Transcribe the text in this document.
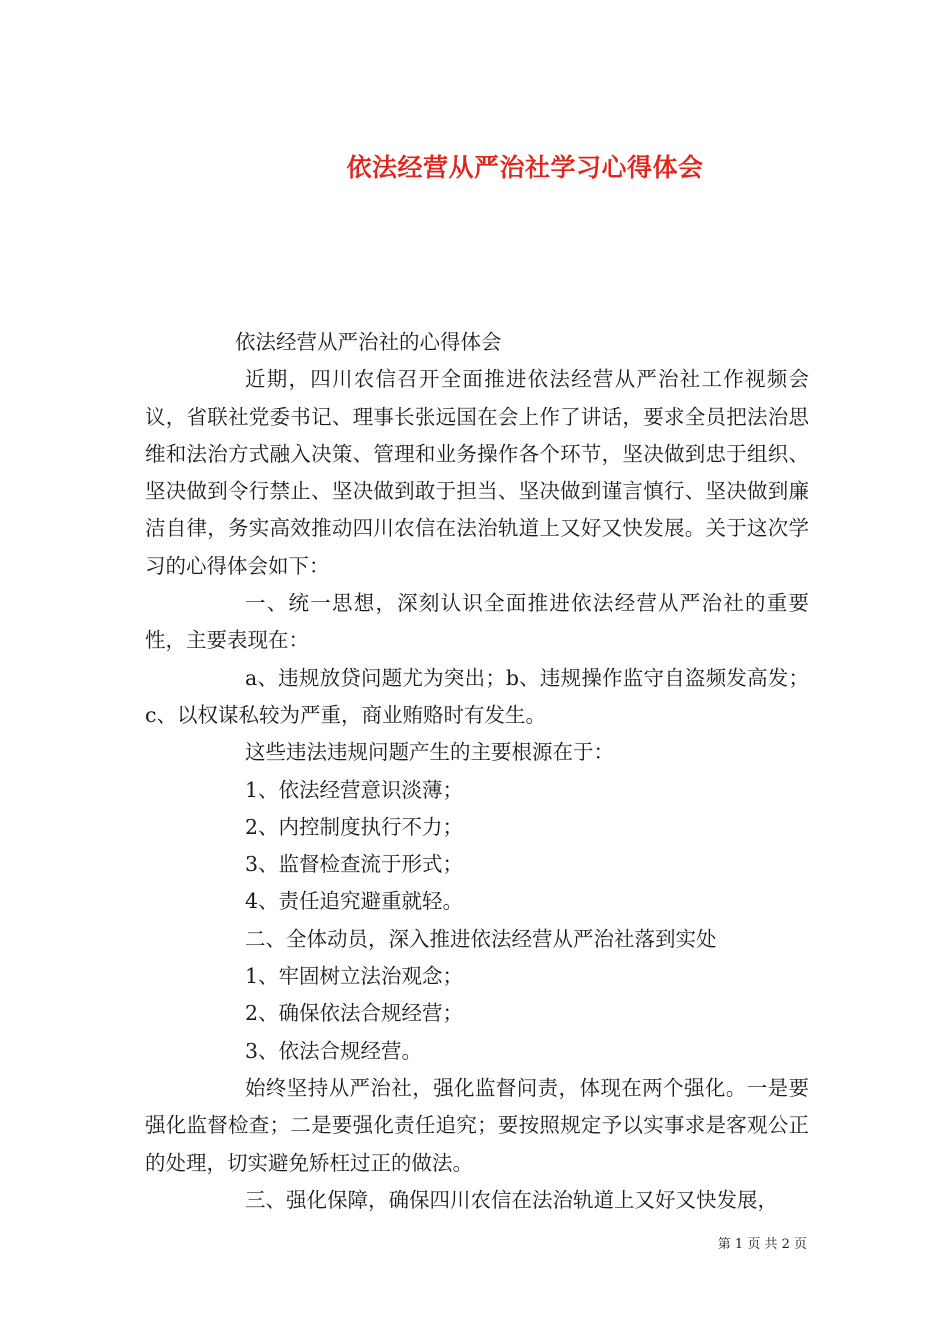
依法经营从严治社学习心得体会

依法经营从严治社的心得体会

近期，四川农信召开全面推进依法经营从严治社工作视频会议，省联社党委书记、理事长张远国在会上作了讲话，要求全员把法治思维和法治方式融入决策、管理和业务操作各个环节，坚决做到忠于组织、坚决做到令行禁止、坚决做到敢于担当、坚决做到谨言慎行、坚决做到廉洁自律，务实高效推动四川农信在法治轨道上又好又快发展。关于这次学习的心得体会如下：

一、统一思想，深刻认识全面推进依法经营从严治社的重要性，主要表现在：

a、违规放贷问题尤为突出；b、违规操作监守自盗频发高发；c、以权谋私较为严重，商业贿赂时有发生。

这些违法违规问题产生的主要根源在于：

1、依法经营意识淡薄；

2、内控制度执行不力；

3、监督检查流于形式；

4、责任追究避重就轻。

二、全体动员，深入推进依法经营从严治社落到实处

1、牢固树立法治观念；

2、确保依法合规经营；

3、依法合规经营。

始终坚持从严治社，强化监督问责，体现在两个强化。一是要强化监督检查；二是要强化责任追究；要按照规定予以实事求是客观公正的处理，切实避免矫枉过正的做法。

三、强化保障，确保四川农信在法治轨道上又好又快发展，

第 1 页 共 2 页
